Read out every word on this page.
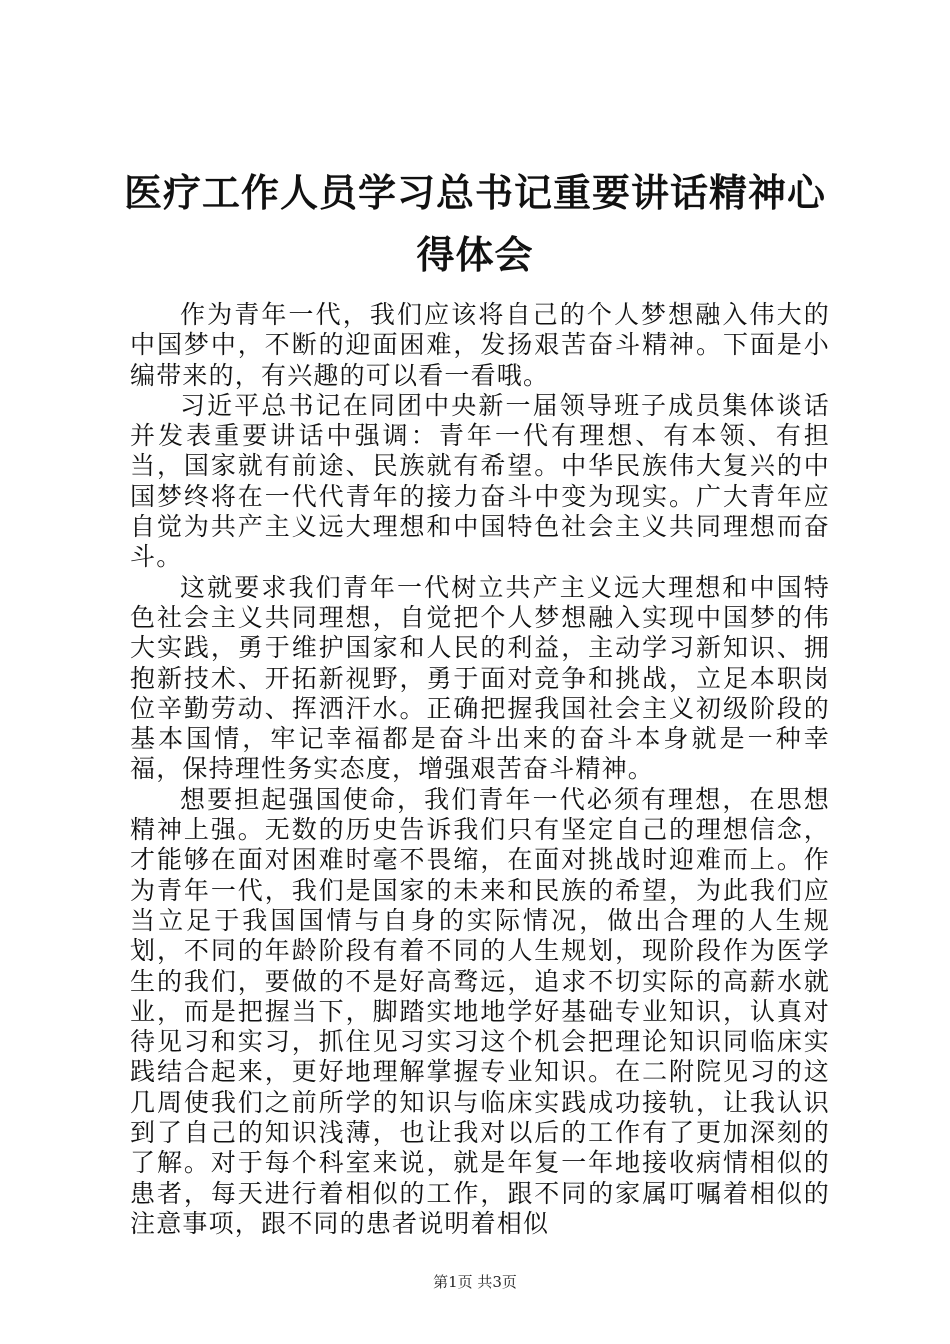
医疗工作人员学习总书记重要讲话精神心得体会

作为青年一代，我们应该将自己的个人梦想融入伟大的中国梦中，不断的迎面困难，发扬艰苦奋斗精神。下面是小编带来的，有兴趣的可以看一看哦。

习近平总书记在同团中央新一届领导班子成员集体谈话并发表重要讲话中强调：青年一代有理想、有本领、有担当，国家就有前途、民族就有希望。中华民族伟大复兴的中国梦终将在一代代青年的接力奋斗中变为现实。广大青年应自觉为共产主义远大理想和中国特色社会主义共同理想而奋斗。

这就要求我们青年一代树立共产主义远大理想和中国特色社会主义共同理想，自觉把个人梦想融入实现中国梦的伟大实践，勇于维护国家和人民的利益，主动学习新知识、拥抱新技术、开拓新视野，勇于面对竞争和挑战，立足本职岗位辛勤劳动、挥洒汗水。正确把握我国社会主义初级阶段的基本国情，牢记幸福都是奋斗出来的奋斗本身就是一种幸福，保持理性务实态度，增强艰苦奋斗精神。

想要担起强国使命，我们青年一代必须有理想，在思想精神上强。无数的历史告诉我们只有坚定自己的理想信念，才能够在面对困难时毫不畏缩，在面对挑战时迎难而上。作为青年一代，我们是国家的未来和民族的希望，为此我们应当立足于我国国情与自身的实际情况，做出合理的人生规划，不同的年龄阶段有着不同的人生规划，现阶段作为医学生的我们，要做的不是好高骛远，追求不切实际的高薪水就业，而是把握当下，脚踏实地地学好基础专业知识，认真对待见习和实习，抓住见习实习这个机会把理论知识同临床实践结合起来，更好地理解掌握专业知识。在二附院见习的这几周使我们之前所学的知识与临床实践成功接轨，让我认识到了自己的知识浅薄，也让我对以后的工作有了更加深刻的了解。对于每个科室来说，就是年复一年地接收病情相似的患者，每天进行着相似的工作，跟不同的家属叮嘱着相似的注意事项，跟不同的患者说明着相似

第1页 共3页
